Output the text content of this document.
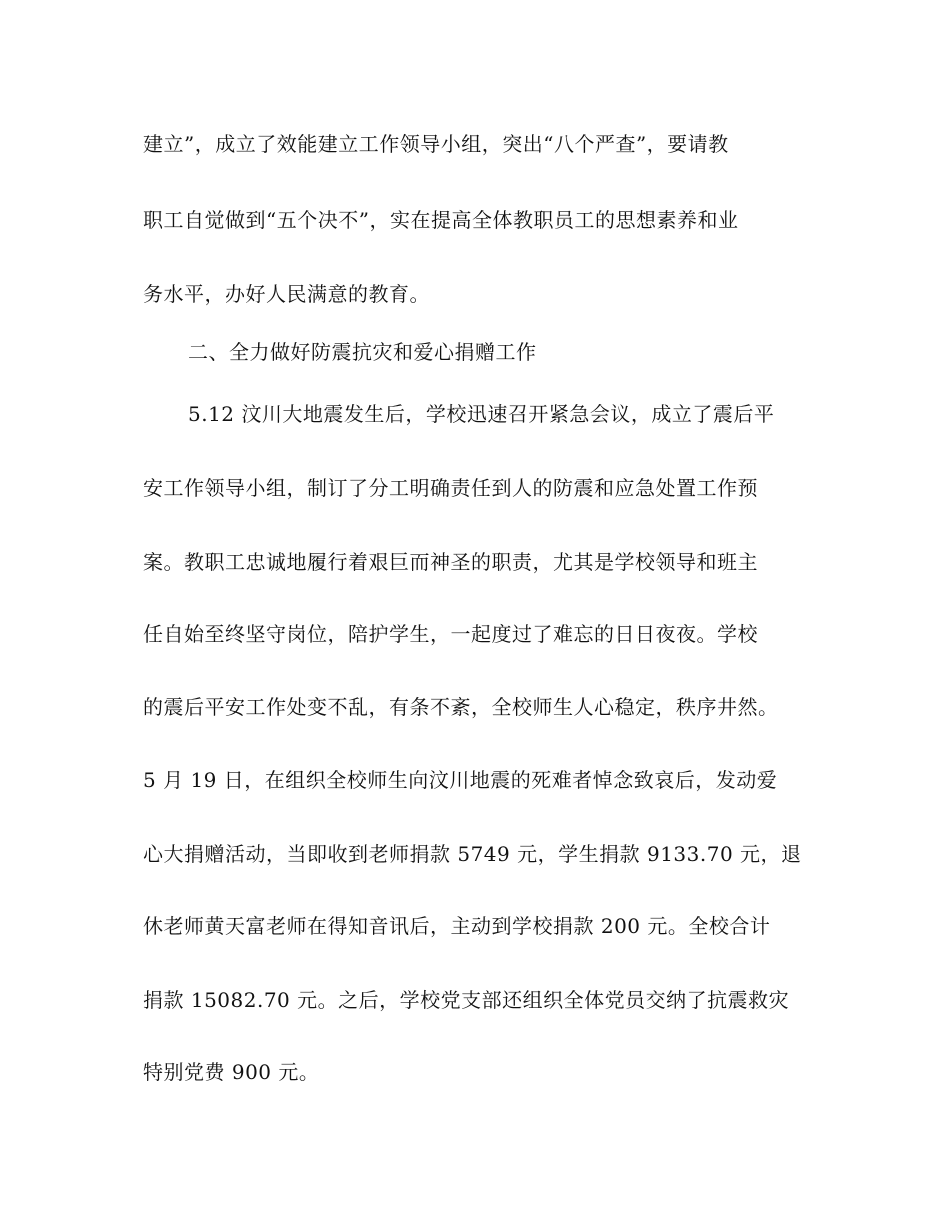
建立”，成立了效能建立工作领导小组，突出“八个严查”，要请教

职工自觉做到“五个决不”，实在提高全体教职员工的思想素养和业

务水平，办好人民满意的教育。

二、全力做好防震抗灾和爱心捐赠工作

5.12 汶川大地震发生后，学校迅速召开紧急会议，成立了震后平

安工作领导小组，制订了分工明确责任到人的防震和应急处置工作预

案。教职工忠诚地履行着艰巨而神圣的职责，尤其是学校领导和班主

任自始至终坚守岗位，陪护学生，一起度过了难忘的日日夜夜。学校

的震后平安工作处变不乱，有条不紊，全校师生人心稳定，秩序井然。

5 月 19 日，在组织全校师生向汶川地震的死难者悼念致哀后，发动爱

心大捐赠活动，当即收到老师捐款 5749 元，学生捐款 9133.70 元，退

休老师黄天富老师在得知音讯后，主动到学校捐款 200 元。全校合计

捐款 15082.70 元。之后，学校党支部还组织全体党员交纳了抗震救灾

特别党费 900 元。
